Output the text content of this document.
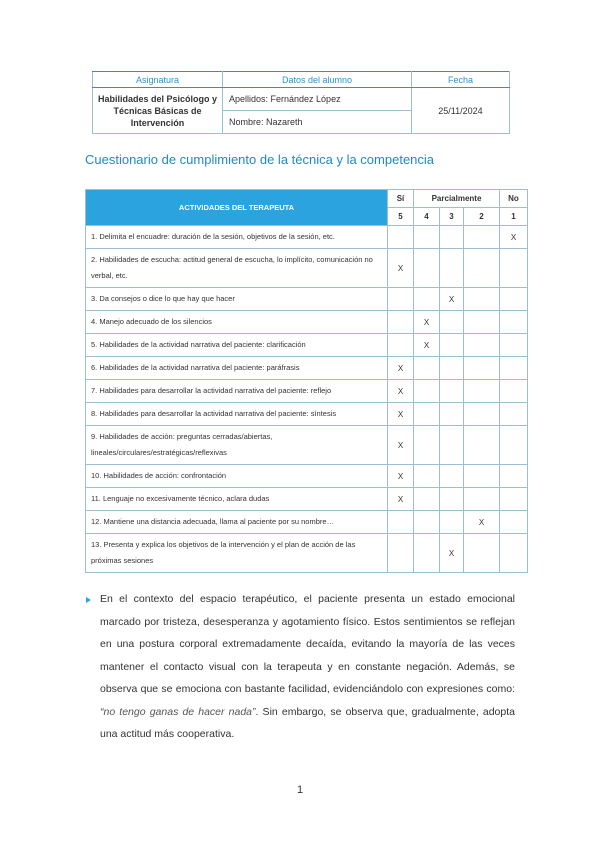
Asignatura	Datos del alumno	Fecha
Habilidades del Psicólogo y Técnicas Básicas de Intervención	Apellidos: Fernández López	25/11/2024
	Nombre: Nazareth	
Cuestionario de cumplimiento de la técnica y la competencia
ACTIVIDADES DEL TERAPEUTA	Sí	Parcialmente			No
	5	4	3	2	1
1. Delimita el encuadre: duración de la sesión, objetivos de la sesión, etc.					X
2. Habilidades de escucha: actitud general de escucha, lo implícito, comunicación no verbal, etc.	X				
3. Da consejos o dice lo que hay que hacer			X		
4. Manejo adecuado de los silencios		X			
5. Habilidades de la actividad narrativa del paciente: clarificación		X			
6. Habilidades de la actividad narrativa del paciente: paráfrasis	X				
7. Habilidades para desarrollar la actividad narrativa del paciente: reflejo	X				
8. Habilidades para desarrollar la actividad narrativa del paciente: síntesis	X				
9. Habilidades de acción: preguntas cerradas/abiertas, lineales/circulares/estratégicas/reflexivas	X				
10. Habilidades de acción: confrontación	X				
11. Lenguaje no excesivamente técnico, aclara dudas	X				
12. Mantiene una distancia adecuada, llama al paciente por su nombre…				X	
13. Presenta y explica los objetivos de la intervención y el plan de acción de las próximas sesiones			X		
En el contexto del espacio terapéutico, el paciente presenta un estado emocional marcado por tristeza, desesperanza y agotamiento físico. Estos sentimientos se reflejan en una postura corporal extremadamente decaída, evitando la mayoría de las veces mantener el contacto visual con la terapeuta y en constante negación. Además, se observa que se emociona con bastante facilidad, evidenciándolo con expresiones como: “no tengo ganas de hacer nada”. Sin embargo, se observa que, gradualmente, adopta una actitud más cooperativa.
1
